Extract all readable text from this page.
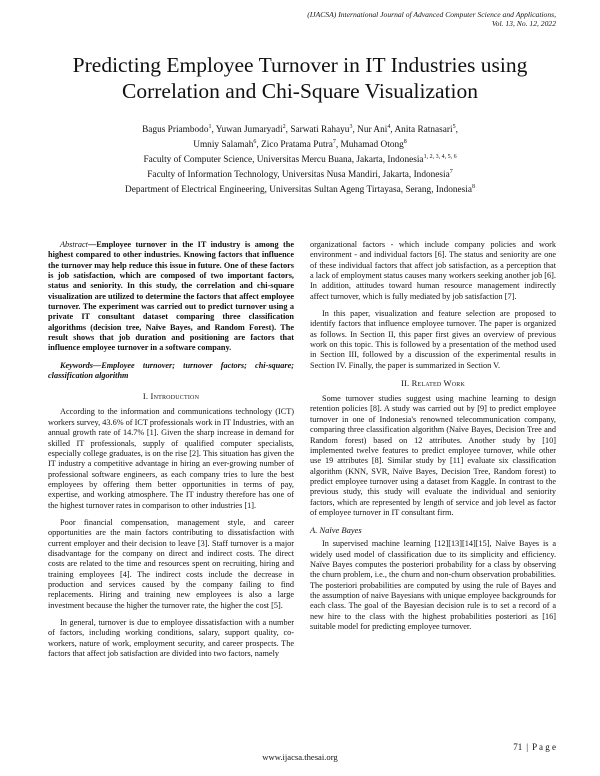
(IJACSA) International Journal of Advanced Computer Science and Applications,
Vol. 13, No. 12, 2022
Predicting Employee Turnover in IT Industries using
Correlation and Chi-Square Visualization
Bagus Priambodo$^1$, Yuwan Jumaryadi$^2$, Sarwati Rahayu$^3$, Nur Ani$^4$, Anita Ratnasari$^5$,
Umniy Salamah$^6$, Zico Pratama Putra$^7$, Muhamad Otong$^8$
Faculty of Computer Science, Universitas Mercu Buana, Jakarta, Indonesia$^{1, 2, 3, 4, 5, 6}$
Faculty of Information Technology, Universitas Nusa Mandiri, Jakarta, Indonesia$^7$
Department of Electrical Engineering, Universitas Sultan Ageng Tirtayasa, Serang, Indonesia$^8$

Abstract—Employee turnover in the IT industry is among the highest compared to other industries. Knowing factors that influence the turnover may help reduce this issue in future. One of these factors is job satisfaction, which are composed of two important factors, status and seniority. In this study, the correlation and chi-square visualization are utilized to determine the factors that affect employee turnover. The experiment was carried out to predict turnover using a private IT consultant dataset comparing three classification algorithms (decision tree, Naïve Bayes, and Random Forest). The result shows that job duration and positioning are factors that influence employee turnover in a software company.

Keywords—Employee turnover; turnover factors; chi-square; classification algorithm

I. Introduction

According to the information and communications technology (ICT) workers survey, 43.6% of ICT professionals work in IT Industries, with an annual growth rate of 14.7% [1]. Given the sharp increase in demand for skilled IT professionals, supply of qualified computer specialists, especially college graduates, is on the rise [2]. This situation has given the IT industry a competitive advantage in hiring an ever-growing number of professional software engineers, as each company tries to lure the best employees by offering them better opportunities in terms of pay, expertise, and working atmosphere. The IT industry therefore has one of the highest turnover rates in comparison to other industries [1].

Poor financial compensation, management style, and career opportunities are the main factors contributing to dissatisfaction with current employer and their decision to leave [3]. Staff turnover is a major disadvantage for the company on direct and indirect costs. The direct costs are related to the time and resources spent on recruiting, hiring and training employees [4]. The indirect costs include the decrease in production and services caused by the company failing to find replacements. Hiring and training new employees is also a large investment because the higher the turnover rate, the higher the cost [5].

In general, turnover is due to employee dissatisfaction with a number of factors, including working conditions, salary, support quality, co-workers, nature of work, employment security, and career prospects. The factors that affect job satisfaction are divided into two factors, namely

organizational factors - which include company policies and work environment - and individual factors [6]. The status and seniority are one of these individual factors that affect job satisfaction, as a perception that a lack of employment status causes many workers seeking another job [6]. In addition, attitudes toward human resource management indirectly affect turnover, which is fully mediated by job satisfaction [7].

In this paper, visualization and feature selection are proposed to identify factors that influence employee turnover. The paper is organized as follows. In Section II, this paper first gives an overview of previous work on this topic. This is followed by a presentation of the method used in Section III, followed by a discussion of the experimental results in Section IV. Finally, the paper is summarized in Section V.

II. Related Work

Some turnover studies suggest using machine learning to design retention policies [8]. A study was carried out by [9] to predict employee turnover in one of Indonesia's renowned telecommunication company, comparing three classification algorithm (Naïve Bayes, Decision Tree and Random forest) based on 12 attributes. Another study by [10] implemented twelve features to predict employee turnover, while other use 19 attributes [8]. Similar study by [11] evaluate six classification algorithm (KNN, SVR, Naïve Bayes, Decision Tree, Random forest) to predict employee turnover using a dataset from Kaggle. In contrast to the previous study, this study will evaluate the individual and seniority factors, which are represented by length of service and job level as factor of employee turnover in IT consultant firm.

A. Naïve Bayes

In supervised machine learning [12][13][14][15], Naïve Bayes is a widely used model of classification due to its simplicity and efficiency. Naïve Bayes computes the posteriori probability for a class by observing the churn problem, i.e., the churn and non-churn observation probabilities. The posteriori probabilities are computed by using the rule of Bayes and the assumption of naive Bayesians with unique employee backgrounds for each class. The goal of the Bayesian decision rule is to set a record of a new hire to the class with the highest probabilities posteriori as [16] suitable model for predicting employee turnover.

71 | P a g e
www.ijacsa.thesai.org
